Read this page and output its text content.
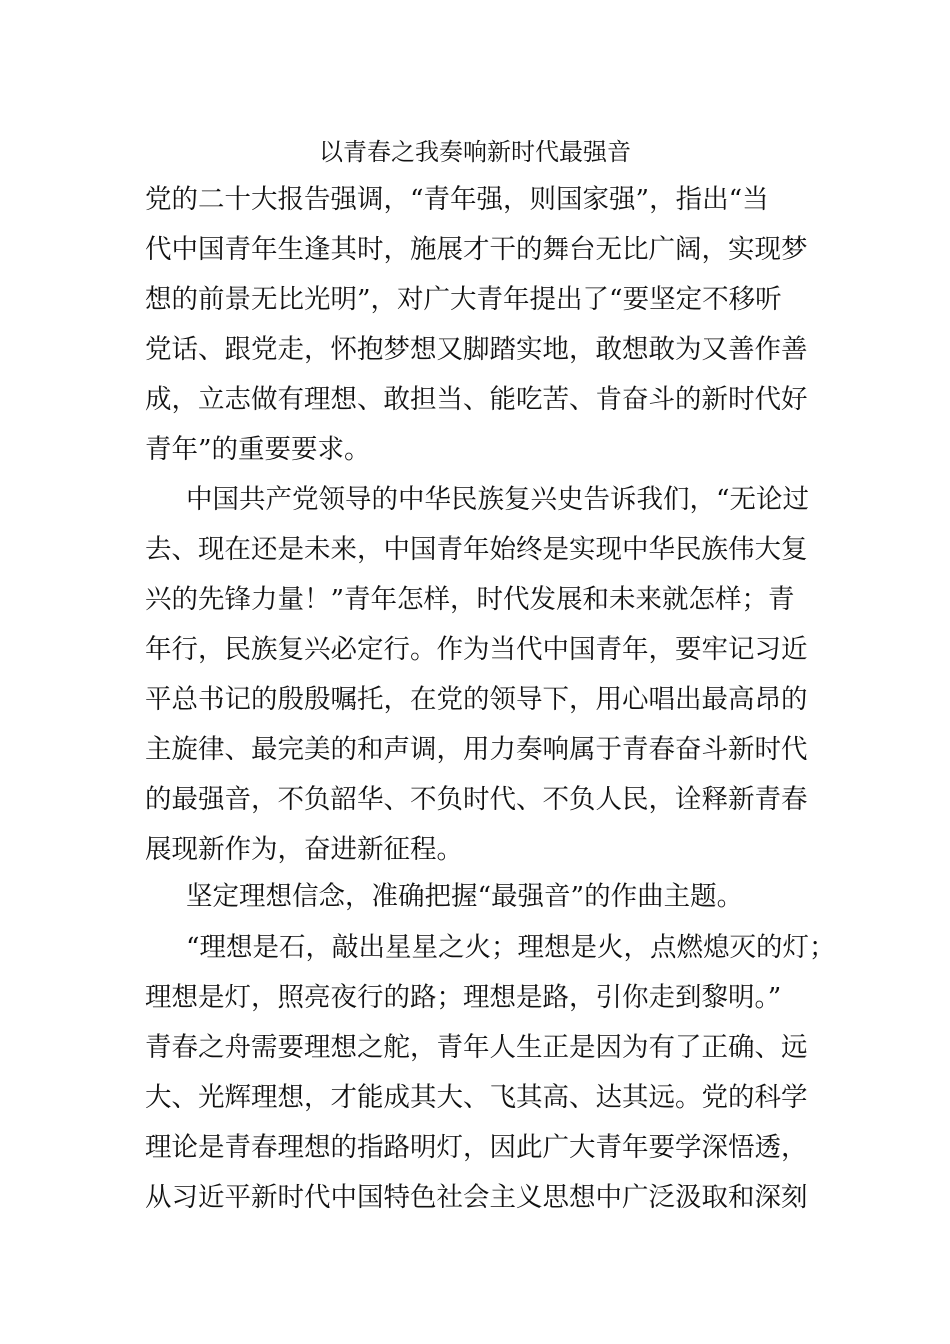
以青春之我奏响新时代最强音
党的二十大报告强调，“青年强，则国家强”，指出“当
代中国青年生逢其时，施展才干的舞台无比广阔，实现梦
想的前景无比光明”，对广大青年提出了“要坚定不移听
党话、跟党走，怀抱梦想又脚踏实地，敢想敢为又善作善
成，立志做有理想、敢担当、能吃苦、肯奋斗的新时代好
青年”的重要要求。
中国共产党领导的中华民族复兴史告诉我们，“无论过
去、现在还是未来，中国青年始终是实现中华民族伟大复
兴的先锋力量！”青年怎样，时代发展和未来就怎样；青
年行，民族复兴必定行。作为当代中国青年，要牢记习近
平总书记的殷殷嘱托，在党的领导下，用心唱出最高昂的
主旋律、最完美的和声调，用力奏响属于青春奋斗新时代
的最强音，不负韶华、不负时代、不负人民，诠释新青春
展现新作为，奋进新征程。
坚定理想信念，准确把握“最强音”的作曲主题。
“理想是石，敲出星星之火；理想是火，点燃熄灭的灯；
理想是灯，照亮夜行的路；理想是路，引你走到黎明。”
青春之舟需要理想之舵，青年人生正是因为有了正确、远
大、光辉理想，才能成其大、飞其高、达其远。党的科学
理论是青春理想的指路明灯，因此广大青年要学深悟透，
从习近平新时代中国特色社会主义思想中广泛汲取和深刻
